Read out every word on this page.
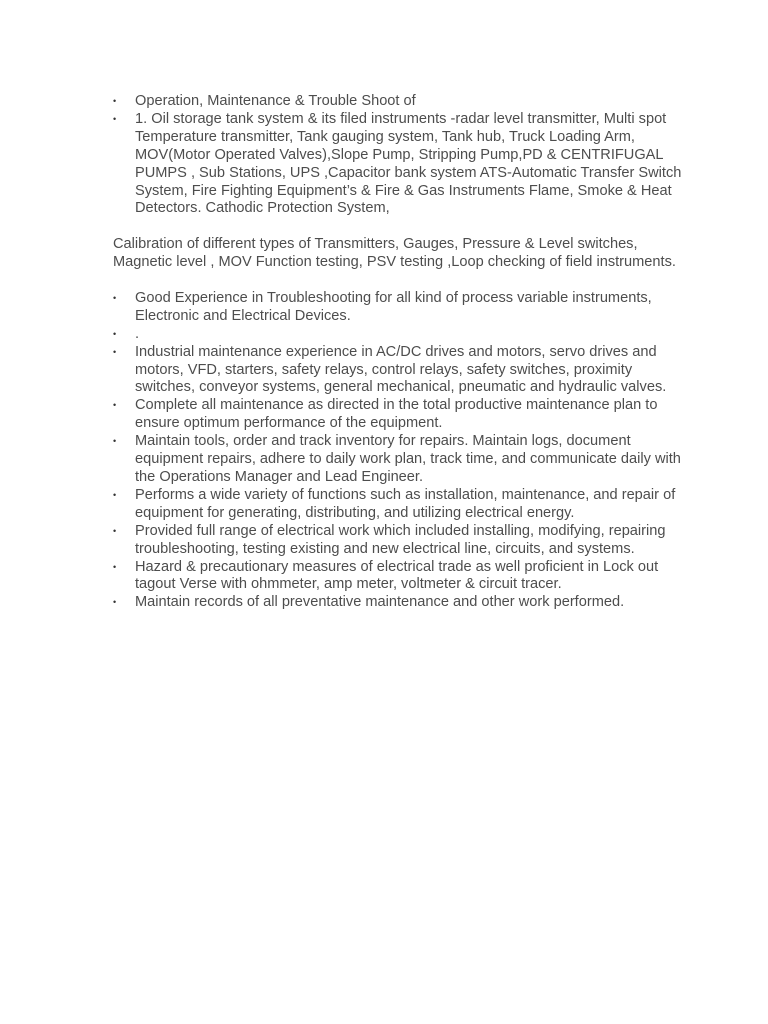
•	Operation, Maintenance & Trouble Shoot of
•	1. Oil storage tank system & its filed instruments -radar level transmitter, Multi spot Temperature transmitter, Tank gauging system, Tank hub, Truck Loading Arm, MOV(Motor Operated Valves),Slope Pump, Stripping Pump,PD & CENTRIFUGAL PUMPS , Sub Stations, UPS ,Capacitor bank system ATS-Automatic Transfer Switch System, Fire Fighting Equipment’s & Fire & Gas Instruments Flame, Smoke & Heat Detectors. Cathodic Protection System,

Calibration of different types of Transmitters, Gauges, Pressure & Level switches, Magnetic level , MOV Function testing, PSV testing ,Loop checking of field instruments.

•	Good Experience in Troubleshooting for all kind of process variable instruments, Electronic and Electrical Devices.
•	.
•	Industrial maintenance experience in AC/DC drives and motors, servo drives and motors, VFD, starters, safety relays, control relays, safety switches, proximity switches, conveyor systems, general mechanical, pneumatic and hydraulic valves.
•	Complete all maintenance as directed in the total productive maintenance plan to ensure optimum performance of the equipment.
•	Maintain tools, order and track inventory for repairs. Maintain logs, document equipment repairs, adhere to daily work plan, track time, and communicate daily with the Operations Manager and Lead Engineer.
•	Performs a wide variety of functions such as installation, maintenance, and repair of equipment for generating, distributing, and utilizing electrical energy.
•	Provided full range of electrical work which included installing, modifying, repairing troubleshooting, testing existing and new electrical line, circuits, and systems.
•	Hazard & precautionary measures of electrical trade as well proficient in Lock out tagout Verse with ohmmeter, amp meter, voltmeter & circuit tracer.
•	Maintain records of all preventative maintenance and other work performed.
